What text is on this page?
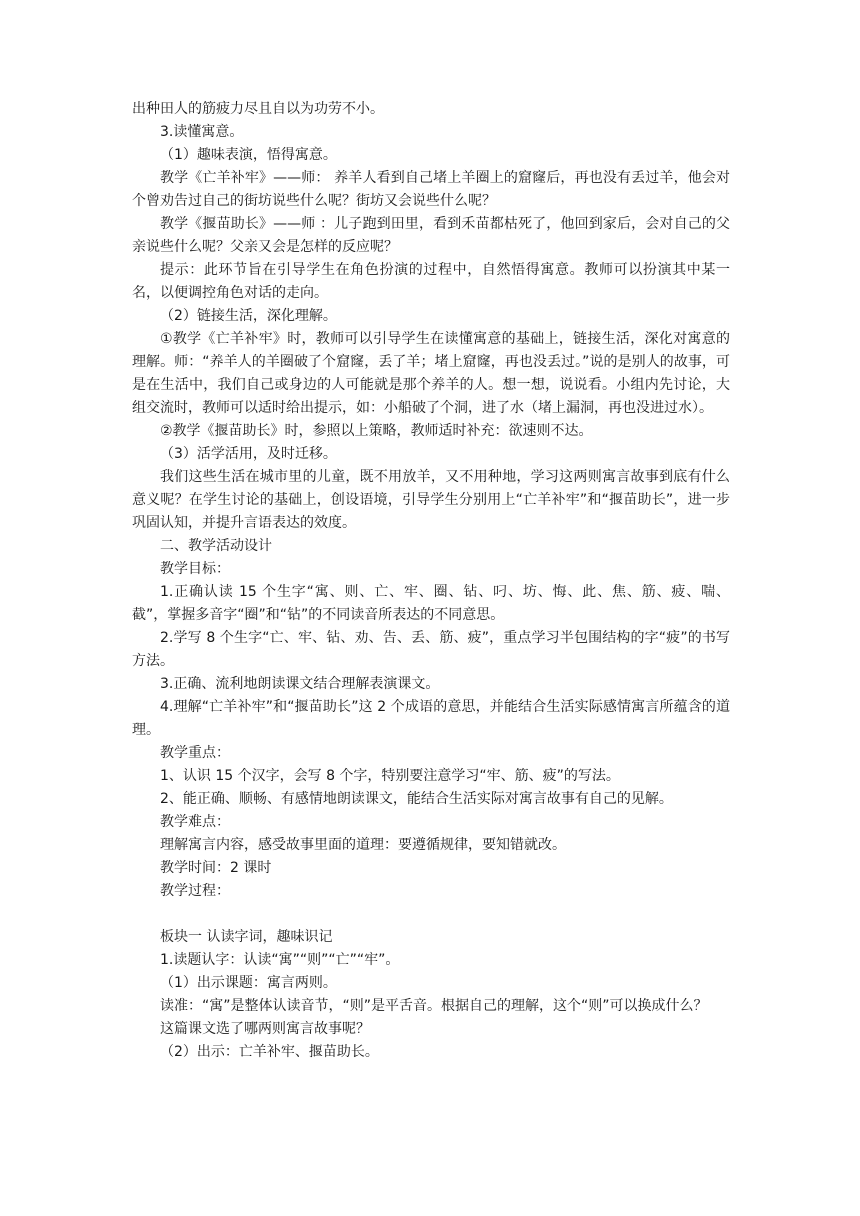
出种田人的筋疲力尽且自以为功劳不小。

3.读懂寓意。

（1）趣味表演，悟得寓意。

教学《亡羊补牢》——师： 养羊人看到自己堵上羊圈上的窟窿后，再也没有丢过羊，他会对个曾劝告过自己的街坊说些什么呢？街坊又会说些什么呢？

教学《揠苗助长》——师 ：儿子跑到田里，看到禾苗都枯死了，他回到家后，会对自己的父亲说些什么呢？父亲又会是怎样的反应呢？

提示：此环节旨在引导学生在角色扮演的过程中，自然悟得寓意。教师可以扮演其中某一名，以便调控角色对话的走向。

（2）链接生活，深化理解。

①教学《亡羊补牢》时，教师可以引导学生在读懂寓意的基础上，链接生活，深化对寓意的理解。师：“养羊人的羊圈破了个窟窿，丢了羊；堵上窟窿，再也没丢过。”说的是别人的故事，可是在生活中，我们自己或身边的人可能就是那个养羊的人。想一想，说说看。小组内先讨论，大组交流时，教师可以适时给出提示，如：小船破了个洞，进了水（堵上漏洞，再也没进过水）。

②教学《揠苗助长》时，参照以上策略，教师适时补充：欲速则不达。

（3）活学活用，及时迁移。

我们这些生活在城市里的儿童，既不用放羊，又不用种地，学习这两则寓言故事到底有什么意义呢？在学生讨论的基础上，创设语境，引导学生分别用上“亡羊补牢”和“揠苗助长”，进一步巩固认知，并提升言语表达的效度。

二、教学活动设计

教学目标：

1.正确认读 15 个生字“寓、则、亡、牢、圈、钻、叼、坊、悔、此、焦、筋、疲、喘、截”，掌握多音字“圈”和“钻”的不同读音所表达的不同意思。

2.学写 8 个生字“亡、牢、钻、劝、告、丢、筋、疲”，重点学习半包围结构的字“疲”的书写方法。

3.正确、流利地朗读课文结合理解表演课文。

4.理解“亡羊补牢”和“揠苗助长”这 2 个成语的意思，并能结合生活实际感情寓言所蕴含的道理。

教学重点：

1、认识 15 个汉字，会写 8 个字，特别要注意学习“牢、筋、疲”的写法。

2、能正确、顺畅、有感情地朗读课文，能结合生活实际对寓言故事有自己的见解。

教学难点：

理解寓言内容，感受故事里面的道理：要遵循规律，要知错就改。

教学时间：2 课时

教学过程：

板块一 认读字词，趣味识记

1.读题认字：认读“寓”“则”“亡”“牢”。

（1）出示课题：寓言两则。

读准：“寓”是整体认读音节，“则”是平舌音。根据自己的理解，这个“则”可以换成什么？

这篇课文选了哪两则寓言故事呢？

（2）出示：亡羊补牢、揠苗助长。
